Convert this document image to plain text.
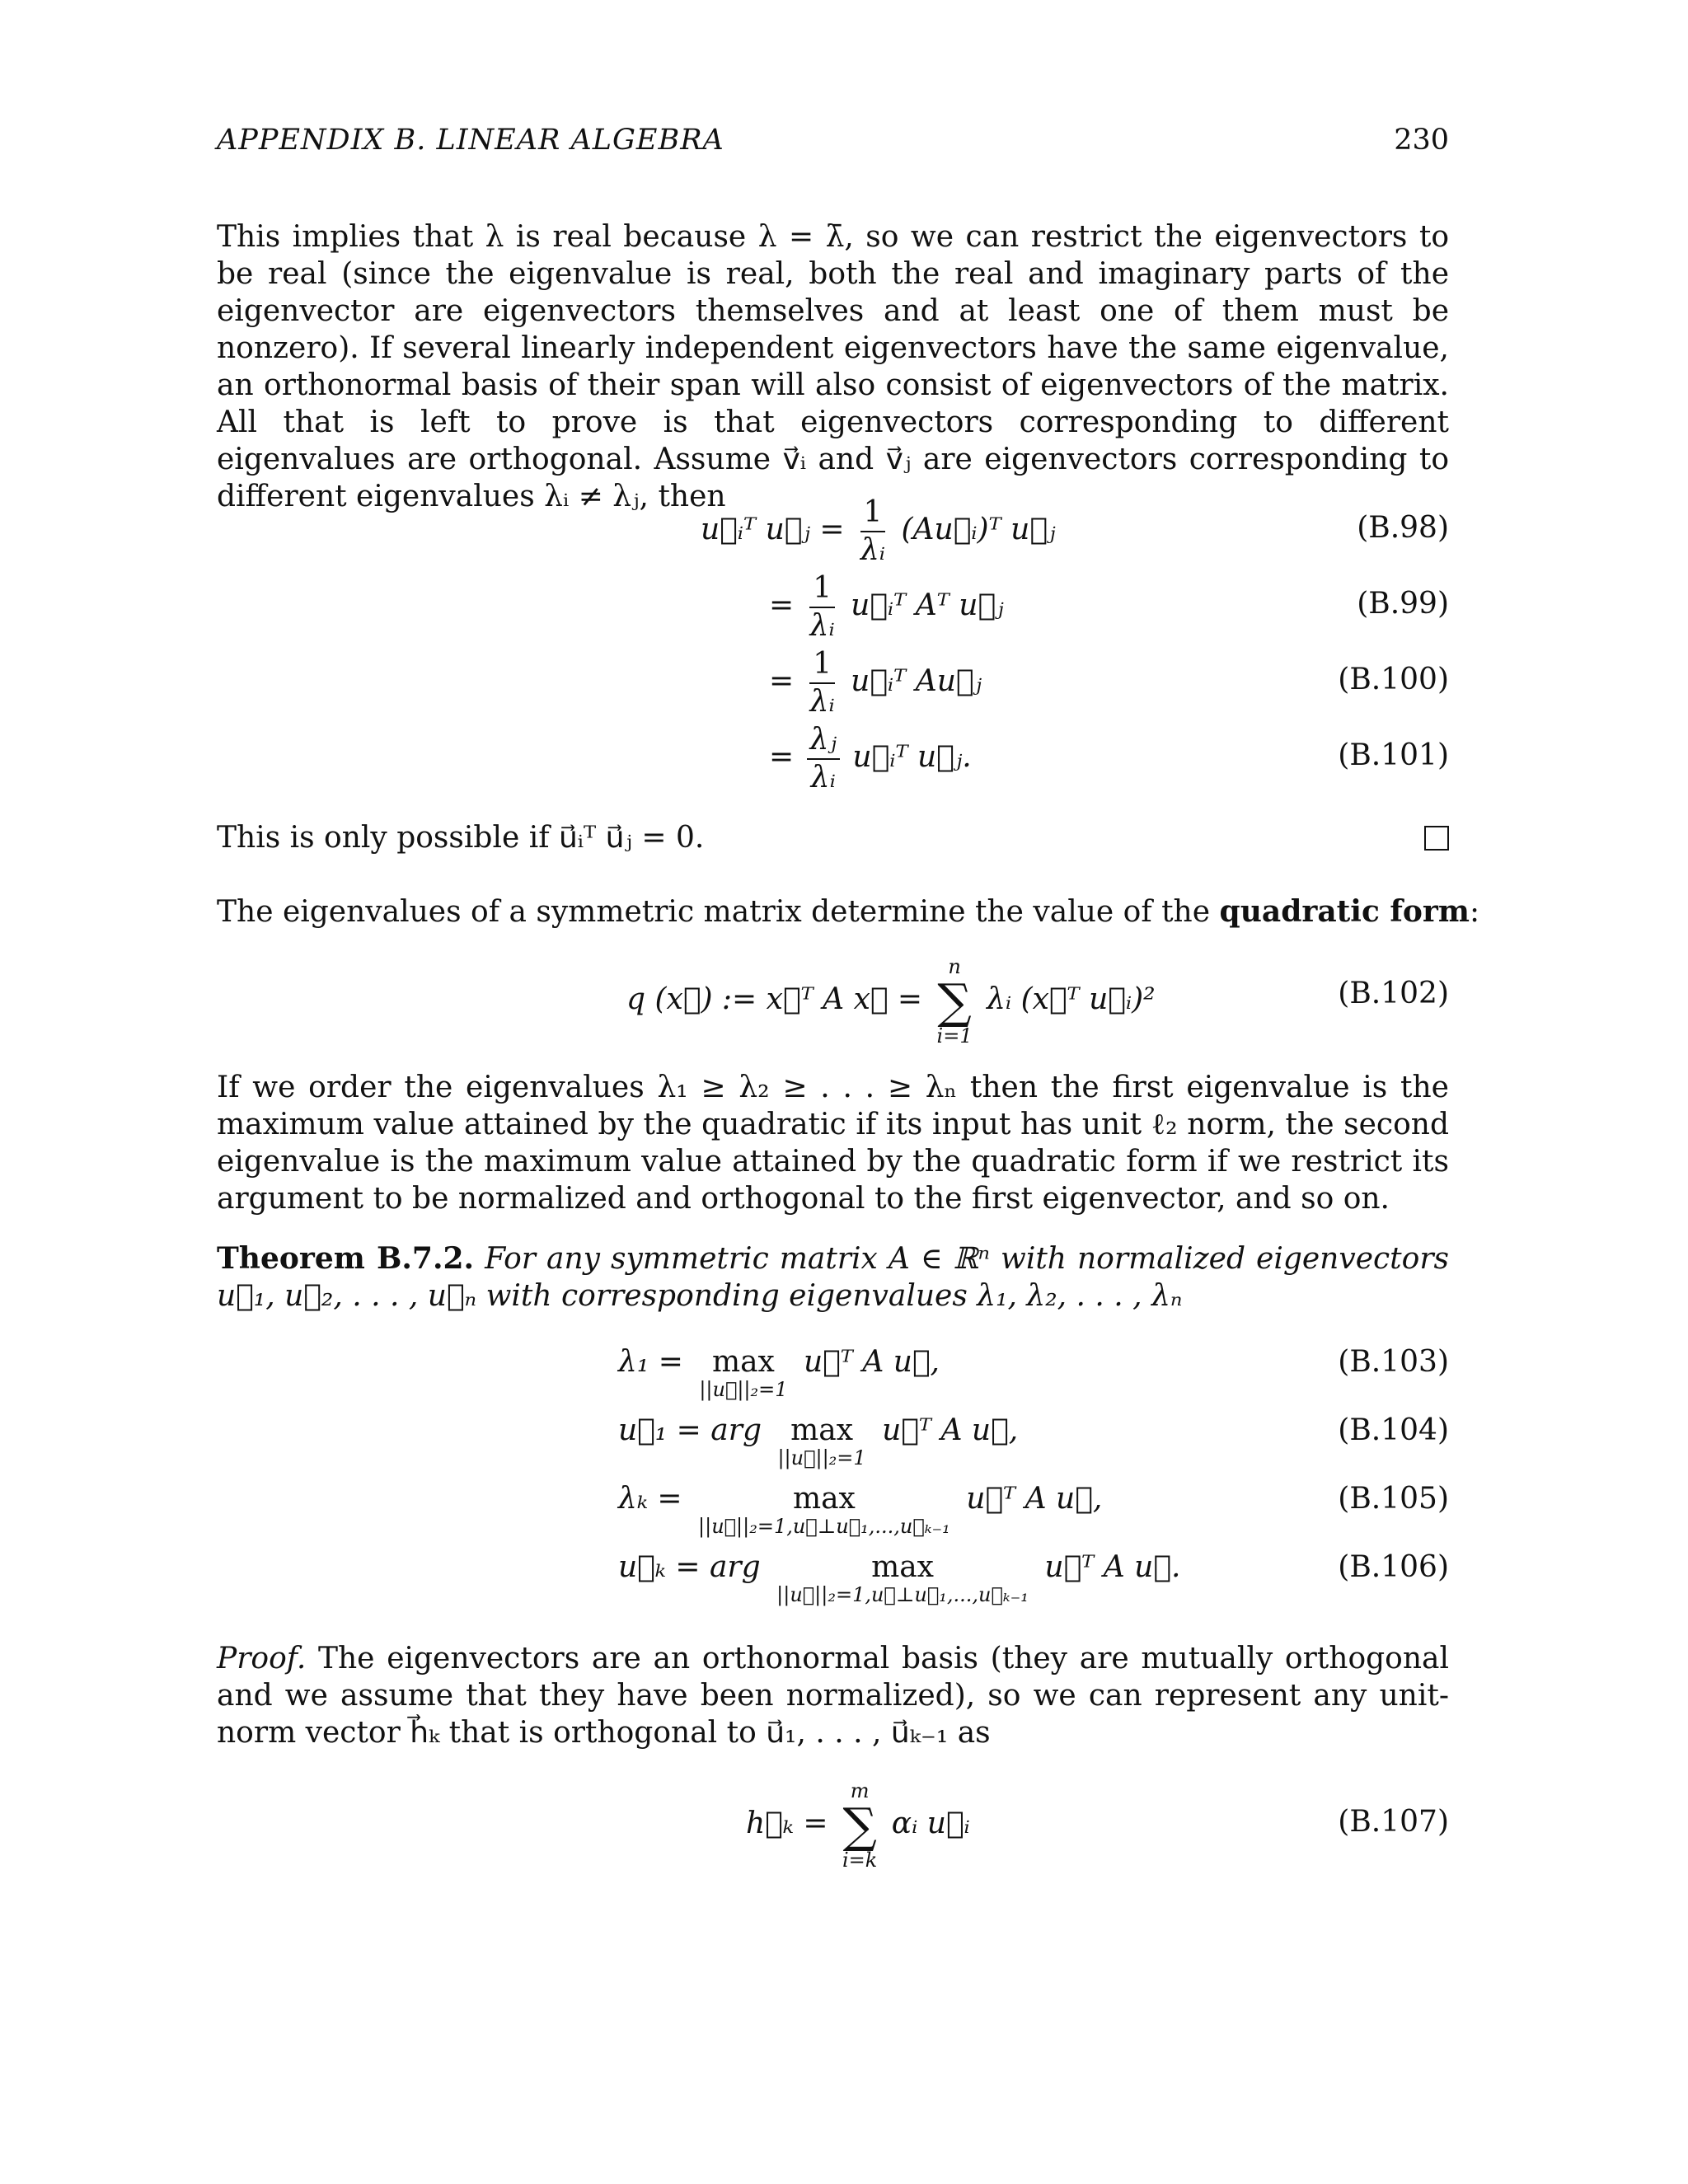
APPENDIX B. LINEAR ALGEBRA	230

This implies that λ is real because λ = λ̄, so we can restrict the eigenvectors to be real (since the eigenvalue is real, both the real and imaginary parts of the eigenvector are eigenvectors themselves and at least one of them must be nonzero). If several linearly independent eigenvectors have the same eigenvalue, an orthonormal basis of their span will also consist of eigenvectors of the matrix. All that is left to prove is that eigenvectors corresponding to different eigenvalues are orthogonal. Assume v⃗ᵢ and v⃗ⱼ are eigenvectors corresponding to different eigenvalues λᵢ ≠ λⱼ, then

u⃗ᵢᵀ u⃗ⱼ = $\frac{1}{\text{λᵢ}}$ (Au⃗ᵢ)ᵀ u⃗ⱼ	(B.98)
= $\frac{1}{\text{λᵢ}}$ u⃗ᵢᵀ Aᵀ u⃗ⱼ	(B.99)
= $\frac{1}{\text{λᵢ}}$ u⃗ᵢᵀ Au⃗ⱼ	(B.100)
= $\frac{\text{λⱼ}}{\text{λᵢ}}$ u⃗ᵢᵀ u⃗ⱼ.	(B.101)
This is only possible if u⃗ᵢᵀ u⃗ⱼ = 0.
The eigenvalues of a symmetric matrix determine the value of the quadratic form:
q (x⃗) := x⃗ᵀ A x⃗ =
n
∑
i=1
λᵢ (x⃗ᵀ u⃗ᵢ)²	(B.102)

If we order the eigenvalues λ₁ ≥ λ₂ ≥ . . . ≥ λₙ then the first eigenvalue is the maximum value attained by the quadratic if its input has unit ℓ₂ norm, the second eigenvalue is the maximum value attained by the quadratic form if we restrict its argument to be normalized and orthogonal to the first eigenvector, and so on.

Theorem B.7.2. For any symmetric matrix A ∈ ℝⁿ with normalized eigenvectors u⃗₁, u⃗₂, . . . , u⃗ₙ with corresponding eigenvalues λ₁, λ₂, . . . , λₙ

λ₁ = max
||u⃗||₂=1
u⃗ᵀ A u⃗,	(B.103)
u⃗₁ = arg max
||u⃗||₂=1
u⃗ᵀ A u⃗,	(B.104)
λₖ =	max
||u⃗||₂=1,u⃗⊥u⃗₁,...,u⃗ₖ₋₁
u⃗ᵀ A u⃗,	(B.105)
u⃗ₖ = arg	max
||u⃗||₂=1,u⃗⊥u⃗₁,...,u⃗ₖ₋₁
u⃗ᵀ A u⃗.	(B.106)

Proof. The eigenvectors are an orthonormal basis (they are mutually orthogonal and we assume that they have been normalized), so we can represent any unit-norm vector h⃗ₖ that is orthogonal to u⃗₁, . . . , u⃗ₖ₋₁ as

h⃗ₖ =
m
∑
i=k
αᵢ u⃗ᵢ	(B.107)
